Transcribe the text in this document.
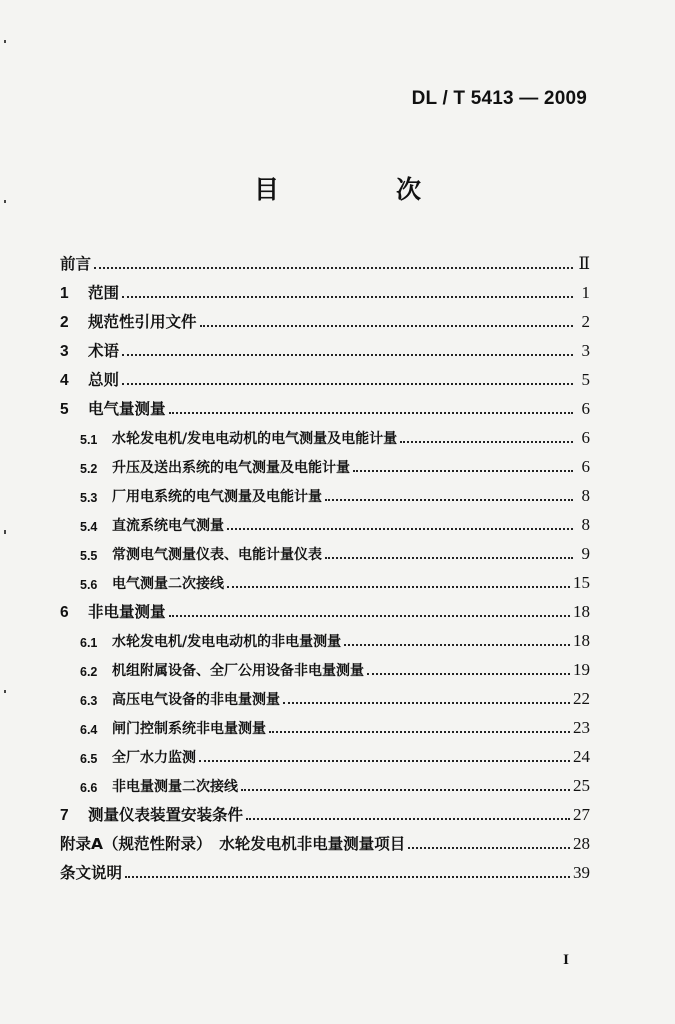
DL / T 5413 — 2009
目　次
前言	Ⅱ
1	范围	1
2	规范性引用文件	2
3	术语	3
4	总则	5
5	电气量测量	6
5.1	水轮发电机/发电电动机的电气测量及电能计量	6
5.2	升压及送出系统的电气测量及电能计量	6
5.3	厂用电系统的电气测量及电能计量	8
5.4	直流系统电气测量	8
5.5	常测电气测量仪表、电能计量仪表	9
5.6	电气测量二次接线	15
6	非电量测量	18
6.1	水轮发电机/发电电动机的非电量测量	18
6.2	机组附属设备、全厂公用设备非电量测量	19
6.3	高压电气设备的非电量测量	22
6.4	闸门控制系统非电量测量	23
6.5	全厂水力监测	24
6.6	非电量测量二次接线	25
7	测量仪表装置安装条件	27
附录A（规范性附录）　水轮发电机非电量测量项目	28
条文说明	39
I
